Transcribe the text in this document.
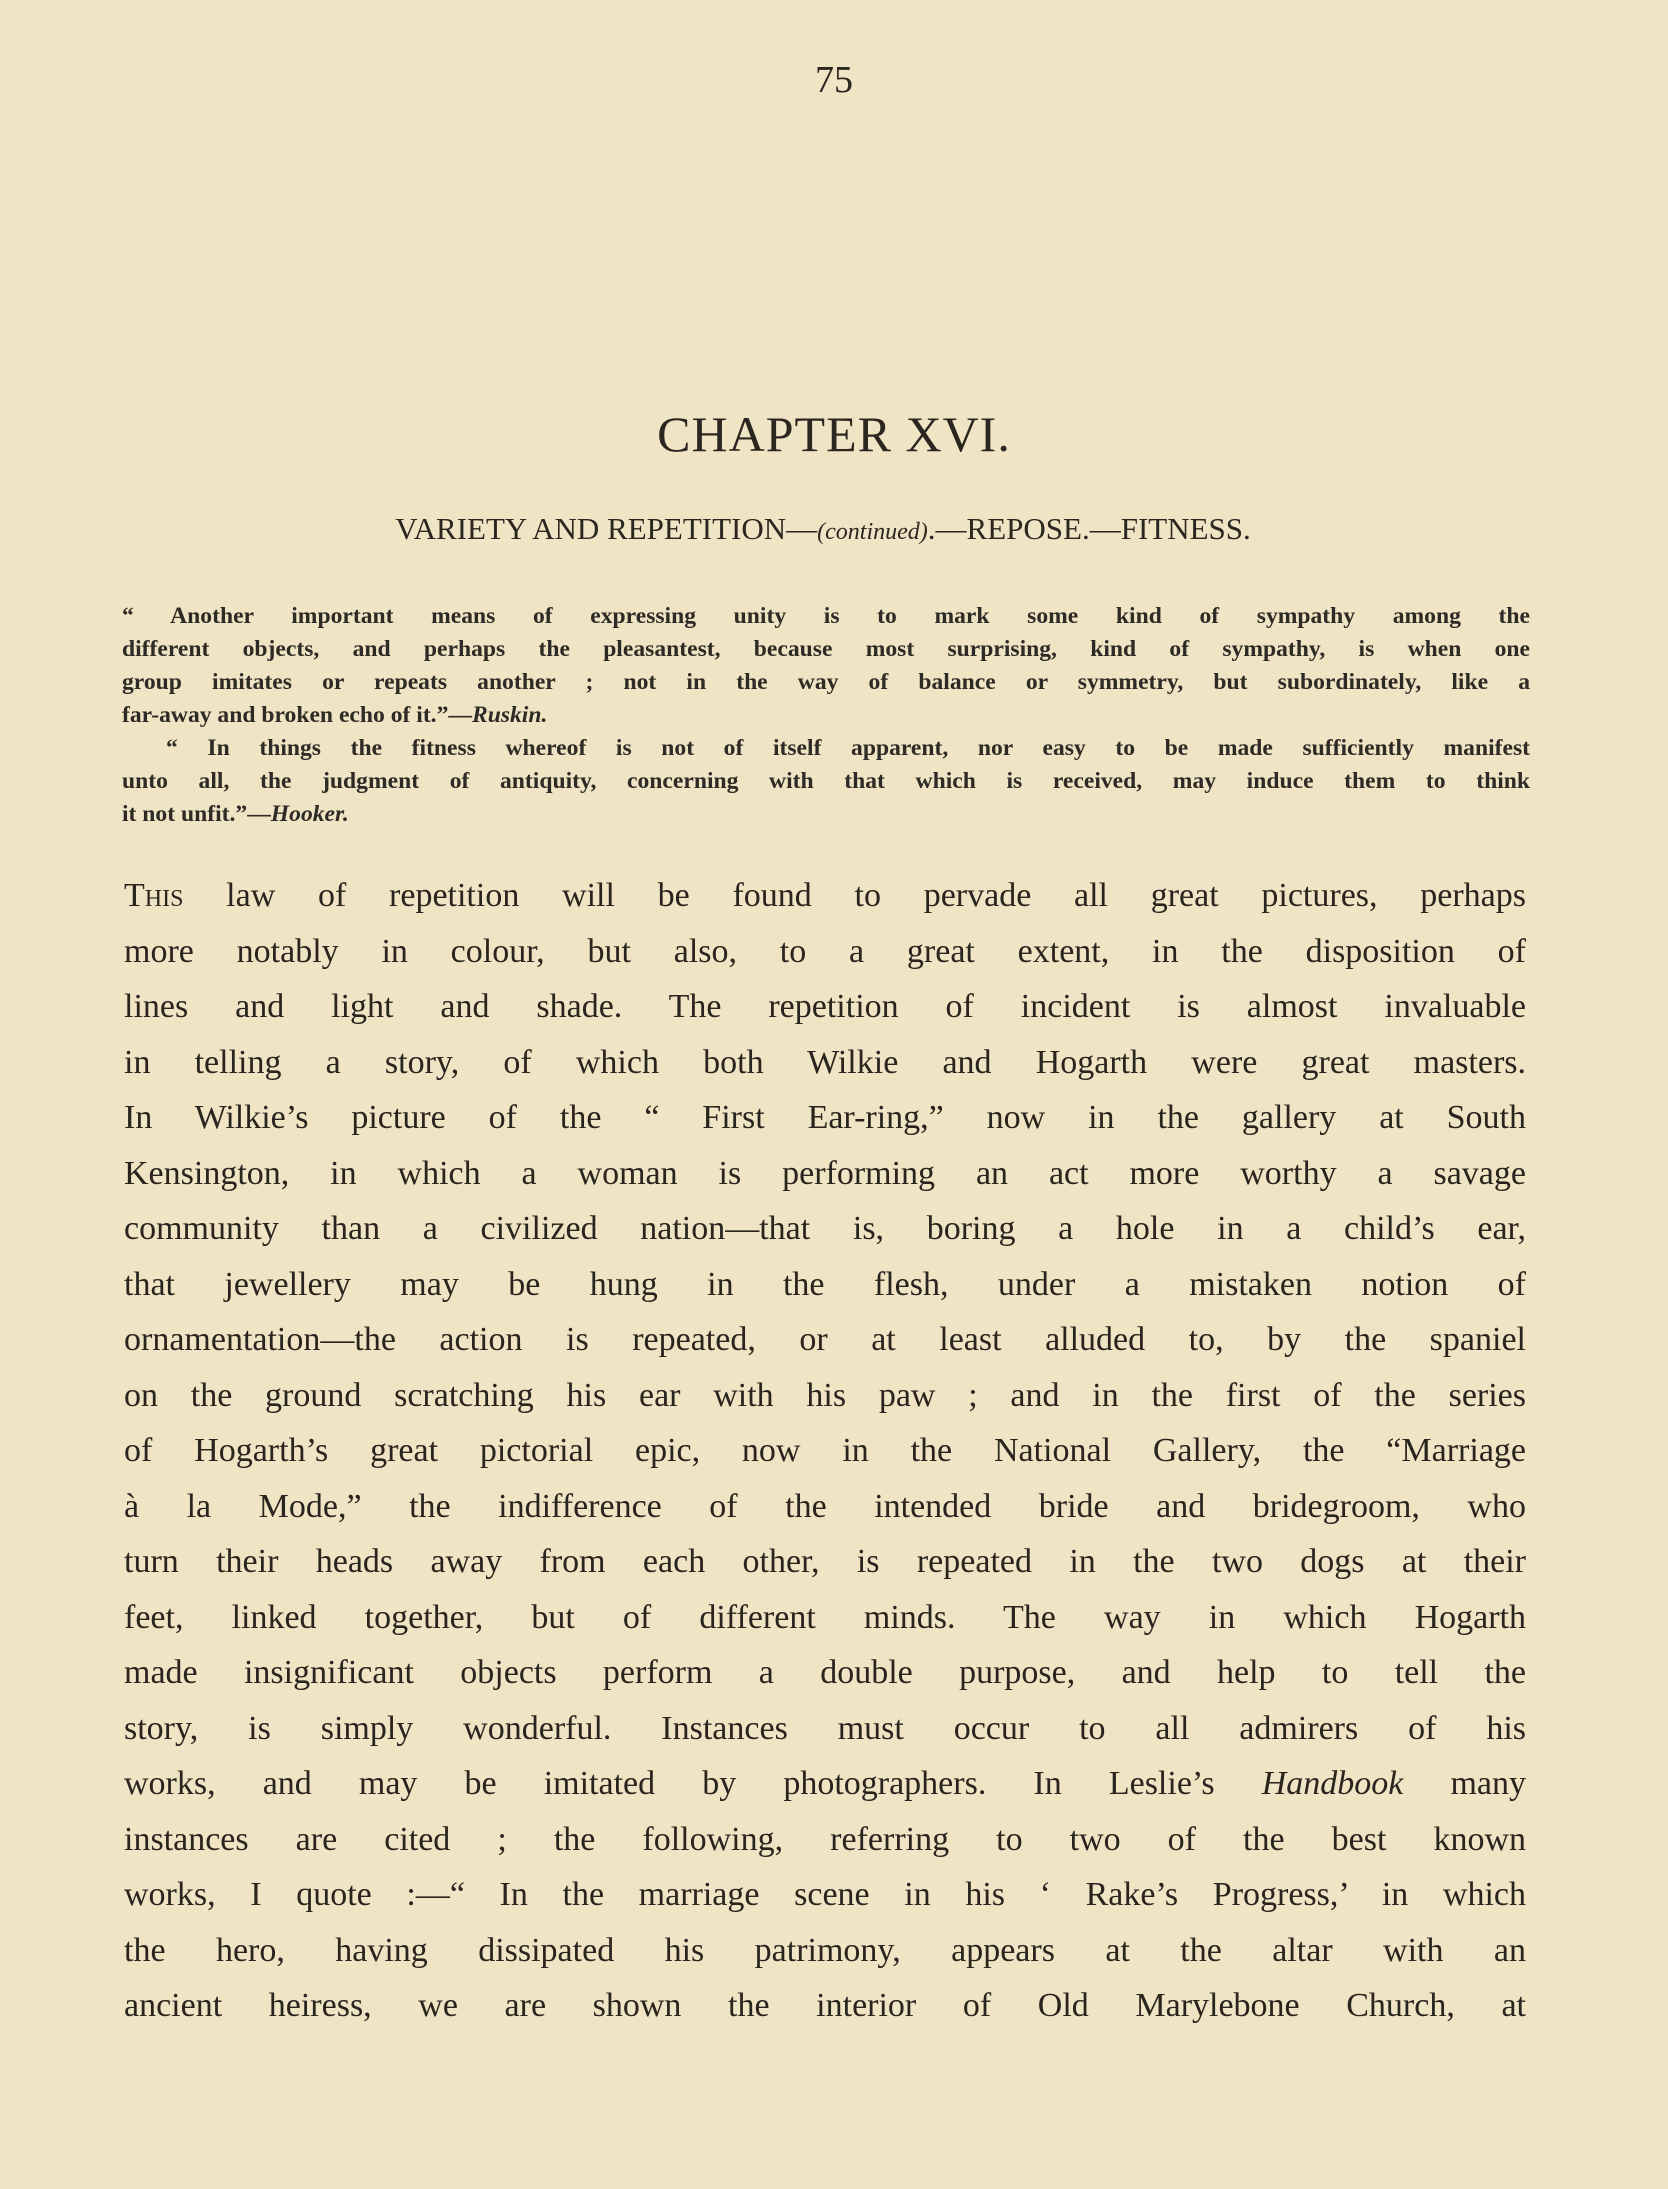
75
CHAPTER XVI.
VARIETY AND REPETITION—(continued).—REPOSE.—FITNESS.
“ Another important means of expressing unity is to mark some kind of sympathy among the
different objects, and perhaps the pleasantest, because most surprising, kind of sympathy, is when one
group imitates or repeats another ; not in the way of balance or symmetry, but subordinately, like a
far-away and broken echo of it.”—Ruskin.
“ In things the fitness whereof is not of itself apparent, nor easy to be made sufficiently manifest
unto all, the judgment of antiquity, concerning with that which is received, may induce them to think
it not unfit.”—Hooker.
This law of repetition will be found to pervade all great pictures, perhaps
more notably in colour, but also, to a great extent, in the disposition of
lines and light and shade. The repetition of incident is almost invaluable
in telling a story, of which both Wilkie and Hogarth were great masters.
In Wilkie’s picture of the “ First Ear-ring,” now in the gallery at South
Kensington, in which a woman is performing an act more worthy a savage
community than a civilized nation—that is, boring a hole in a child’s ear,
that jewellery may be hung in the flesh, under a mistaken notion of
ornamentation—the action is repeated, or at least alluded to, by the spaniel
on the ground scratching his ear with his paw ; and in the first of the series
of Hogarth’s great pictorial epic, now in the National Gallery, the “Marriage
à la Mode,” the indifference of the intended bride and bridegroom, who
turn their heads away from each other, is repeated in the two dogs at their
feet, linked together, but of different minds. The way in which Hogarth
made insignificant objects perform a double purpose, and help to tell the
story, is simply wonderful. Instances must occur to all admirers of his
works, and may be imitated by photographers. In Leslie’s Handbook many
instances are cited ; the following, referring to two of the best known
works, I quote :—“ In the marriage scene in his ‘ Rake’s Progress,’ in which
the hero, having dissipated his patrimony, appears at the altar with an
ancient heiress, we are shown the interior of Old Marylebone Church, at
